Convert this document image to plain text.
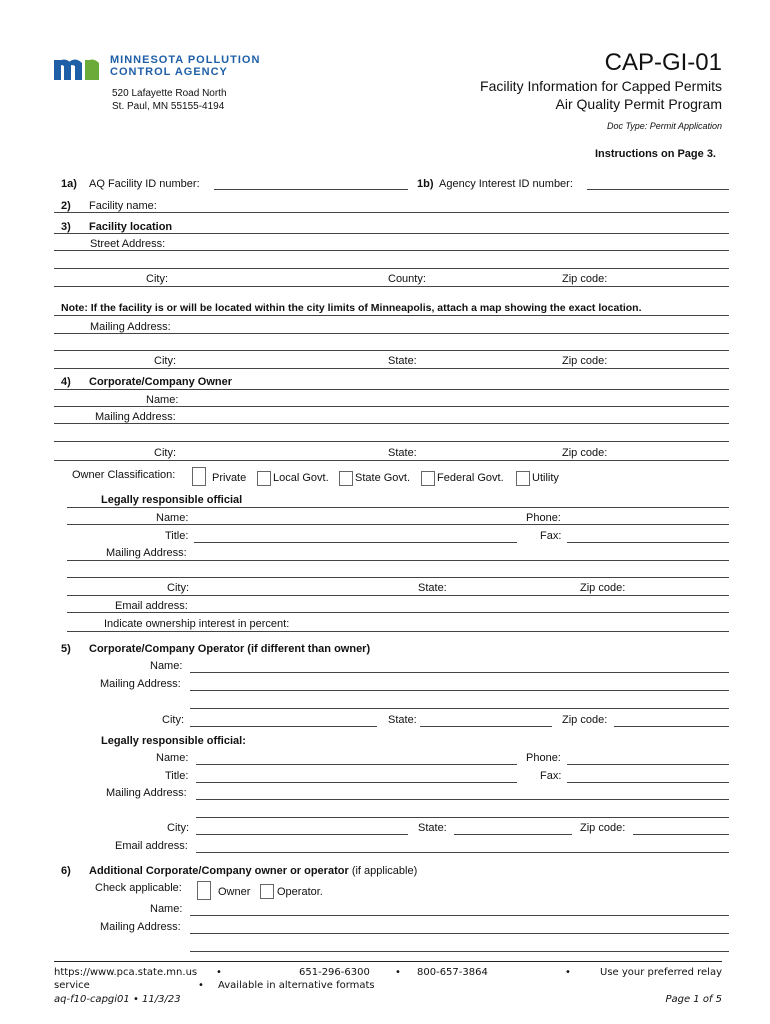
MINNESOTA POLLUTION
CONTROL AGENCY
520 Lafayette Road North
St. Paul, MN 55155-4194
CAP-GI-01
Facility Information for Capped Permits
Air Quality Permit Program
Doc Type: Permit Application
Instructions on Page 3.
1a) AQ Facility ID number:	1b) Agency Interest ID number:
2) Facility name:
3) Facility location
Street Address:
City:	County:	Zip code:
Note: If the facility is or will be located within the city limits of Minneapolis, attach a map showing the exact location.
Mailing Address:
City:	State:	Zip code:
4) Corporate/Company Owner
Name:
Mailing Address:
City:	State:	Zip code:
Owner Classification:	Private Local Govt. State Govt. Federal Govt.	Utility
Legally responsible official
Name:	Phone:
Title:	Fax:
Mailing Address:
City:	State:	Zip code:
Email address:
Indicate ownership interest in percent:
5) Corporate/Company Operator (if different than owner)
Name:
Mailing Address:
City:	State:	Zip code:
Legally responsible official:
Name:	Phone:
Title:	Fax:
Mailing Address:
City:	State:	Zip code:
Email address:
6) Additional Corporate/Company owner or operator (if applicable)
Check applicable:	Owner Operator.
Name:
Mailing Address:
https://www.pca.state.mn.us •	651-296-6300	• 800-657-3864	•	Use your preferred relay
service	• Available in alternative formats
aq-f10-capgi01 • 11/3/23	Page 1 of 5
